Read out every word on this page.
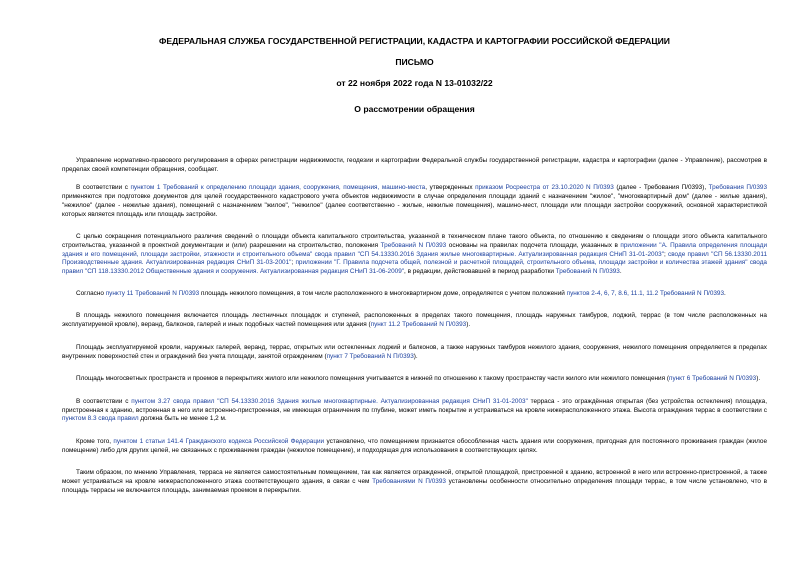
ФЕДЕРАЛЬНАЯ СЛУЖБА ГОСУДАРСТВЕННОЙ РЕГИСТРАЦИИ, КАДАСТРА И КАРТОГРАФИИ РОССИЙСКОЙ ФЕДЕРАЦИИ
ПИСЬМО
от 22 ноября 2022 года N 13-01032/22
О рассмотрении обращения

Управление нормативно-правового регулирования в сферах регистрации недвижимости, геодезии и картографии Федеральной службы государственной регистрации, кадастра и картографии (далее - Управление), рассмотрев в пределах своей компетенции обращения, сообщает.

В соответствии с пунктом 1 Требований к определению площади здания, сооружения, помещения, машино-места, утвержденных приказом Росреестра от 23.10.2020 N П/0393 (далее - Требования П/0393), Требования П/0393 применяются при подготовке документов для целей государственного кадастрового учета объектов недвижимости в случае определения площади зданий с назначением "жилое", "многоквартирный дом" (далее - жилые здания), "нежилое" (далее - нежилые здания), помещений с назначением "жилое", "нежилое" (далее соответственно - жилые, нежилые помещения), машино-мест, площади или площади застройки сооружений, основной характеристикой которых является площадь или площадь застройки.

С целью сокращения потенциального различия сведений о площади объекта капитального строительства, указанной в техническом плане такого объекта, по отношению к сведениям о площади этого объекта капитального строительства, указанной в проектной документации и (или) разрешении на строительство, положения Требований N П/0393 основаны на правилах подсчета площади, указанных в приложении "А. Правила определения площади здания и его помещений, площади застройки, этажности и строительного объема" свода правил "СП 54.13330.2016 Здания жилые многоквартирные. Актуализированная редакция СНиП 31-01-2003"; своде правил "СП 56.13330.2011 Производственные здания. Актуализированная редакция СНиП 31-03-2001"; приложении "Г. Правила подсчета общей, полезной и расчетной площадей, строительного объема, площади застройки и количества этажей здания" свода правил "СП 118.13330.2012 Общественные здания и сооружения. Актуализированная редакция СНиП 31-06-2009", в редакции, действовавшей в период разработки Требований N П/0393.

Согласно пункту 11 Требований N П/0393 площадь нежилого помещения, в том числе расположенного в многоквартирном доме, определяется с учетом положений пунктов 2-4, 6, 7, 8.6, 11.1, 11.2 Требований N П/0393.

В площадь нежилого помещения включается площадь лестничных площадок и ступеней, расположенных в пределах такого помещения, площадь наружных тамбуров, лоджий, террас (в том числе расположенных на эксплуатируемой кровле), веранд, балконов, галерей и иных подобных частей помещения или здания (пункт 11.2 Требований N П/0393).

Площадь эксплуатируемой кровли, наружных галерей, веранд, террас, открытых или остекленных лоджий и балконов, а также наружных тамбуров нежилого здания, сооружения, нежилого помещения определяется в пределах внутренних поверхностей стен и ограждений без учета площади, занятой ограждением (пункт 7 Требований N П/0393).

Площадь многосветных пространств и проемов в перекрытиях жилого или нежилого помещения учитывается в нижней по отношению к такому пространству части жилого или нежилого помещения (пункт 6 Требований N П/0393).

В соответствии с пунктом 3.27 свода правил "СП 54.13330.2016 Здания жилые многоквартирные. Актуализированная редакция СНиП 31-01-2003" терраса - это ограждённая открытая (без устройства остекления) площадка, пристроенная к зданию, встроенная в него или встроенно-пристроенная, не имеющая ограничения по глубине, может иметь покрытие и устраиваться на кровле нижерасположенного этажа. Высота ограждения террас в соответствии с пунктом 8.3 свода правил должна быть не менее 1,2 м.

Кроме того, пунктом 1 статьи 141.4 Гражданского кодекса Российской Федерации установлено, что помещением признается обособленная часть здания или сооружения, пригодная для постоянного проживания граждан (жилое помещение) либо для других целей, не связанных с проживанием граждан (нежилое помещение), и подходящая для использования в соответствующих целях.

Таким образом, по мнению Управления, терраса не является самостоятельным помещением, так как является огражденной, открытой площадкой, пристроенной к зданию, встроенной в него или встроенно-пристроенной, а также может устраиваться на кровле нижерасположенного этажа соответствующего здания, в связи с чем Требованиями N П/0393 установлены особенности относительно определения площади террас, в том числе установлено, что в площадь террасы не включается площадь, занимаемая проемом в перекрытии.
